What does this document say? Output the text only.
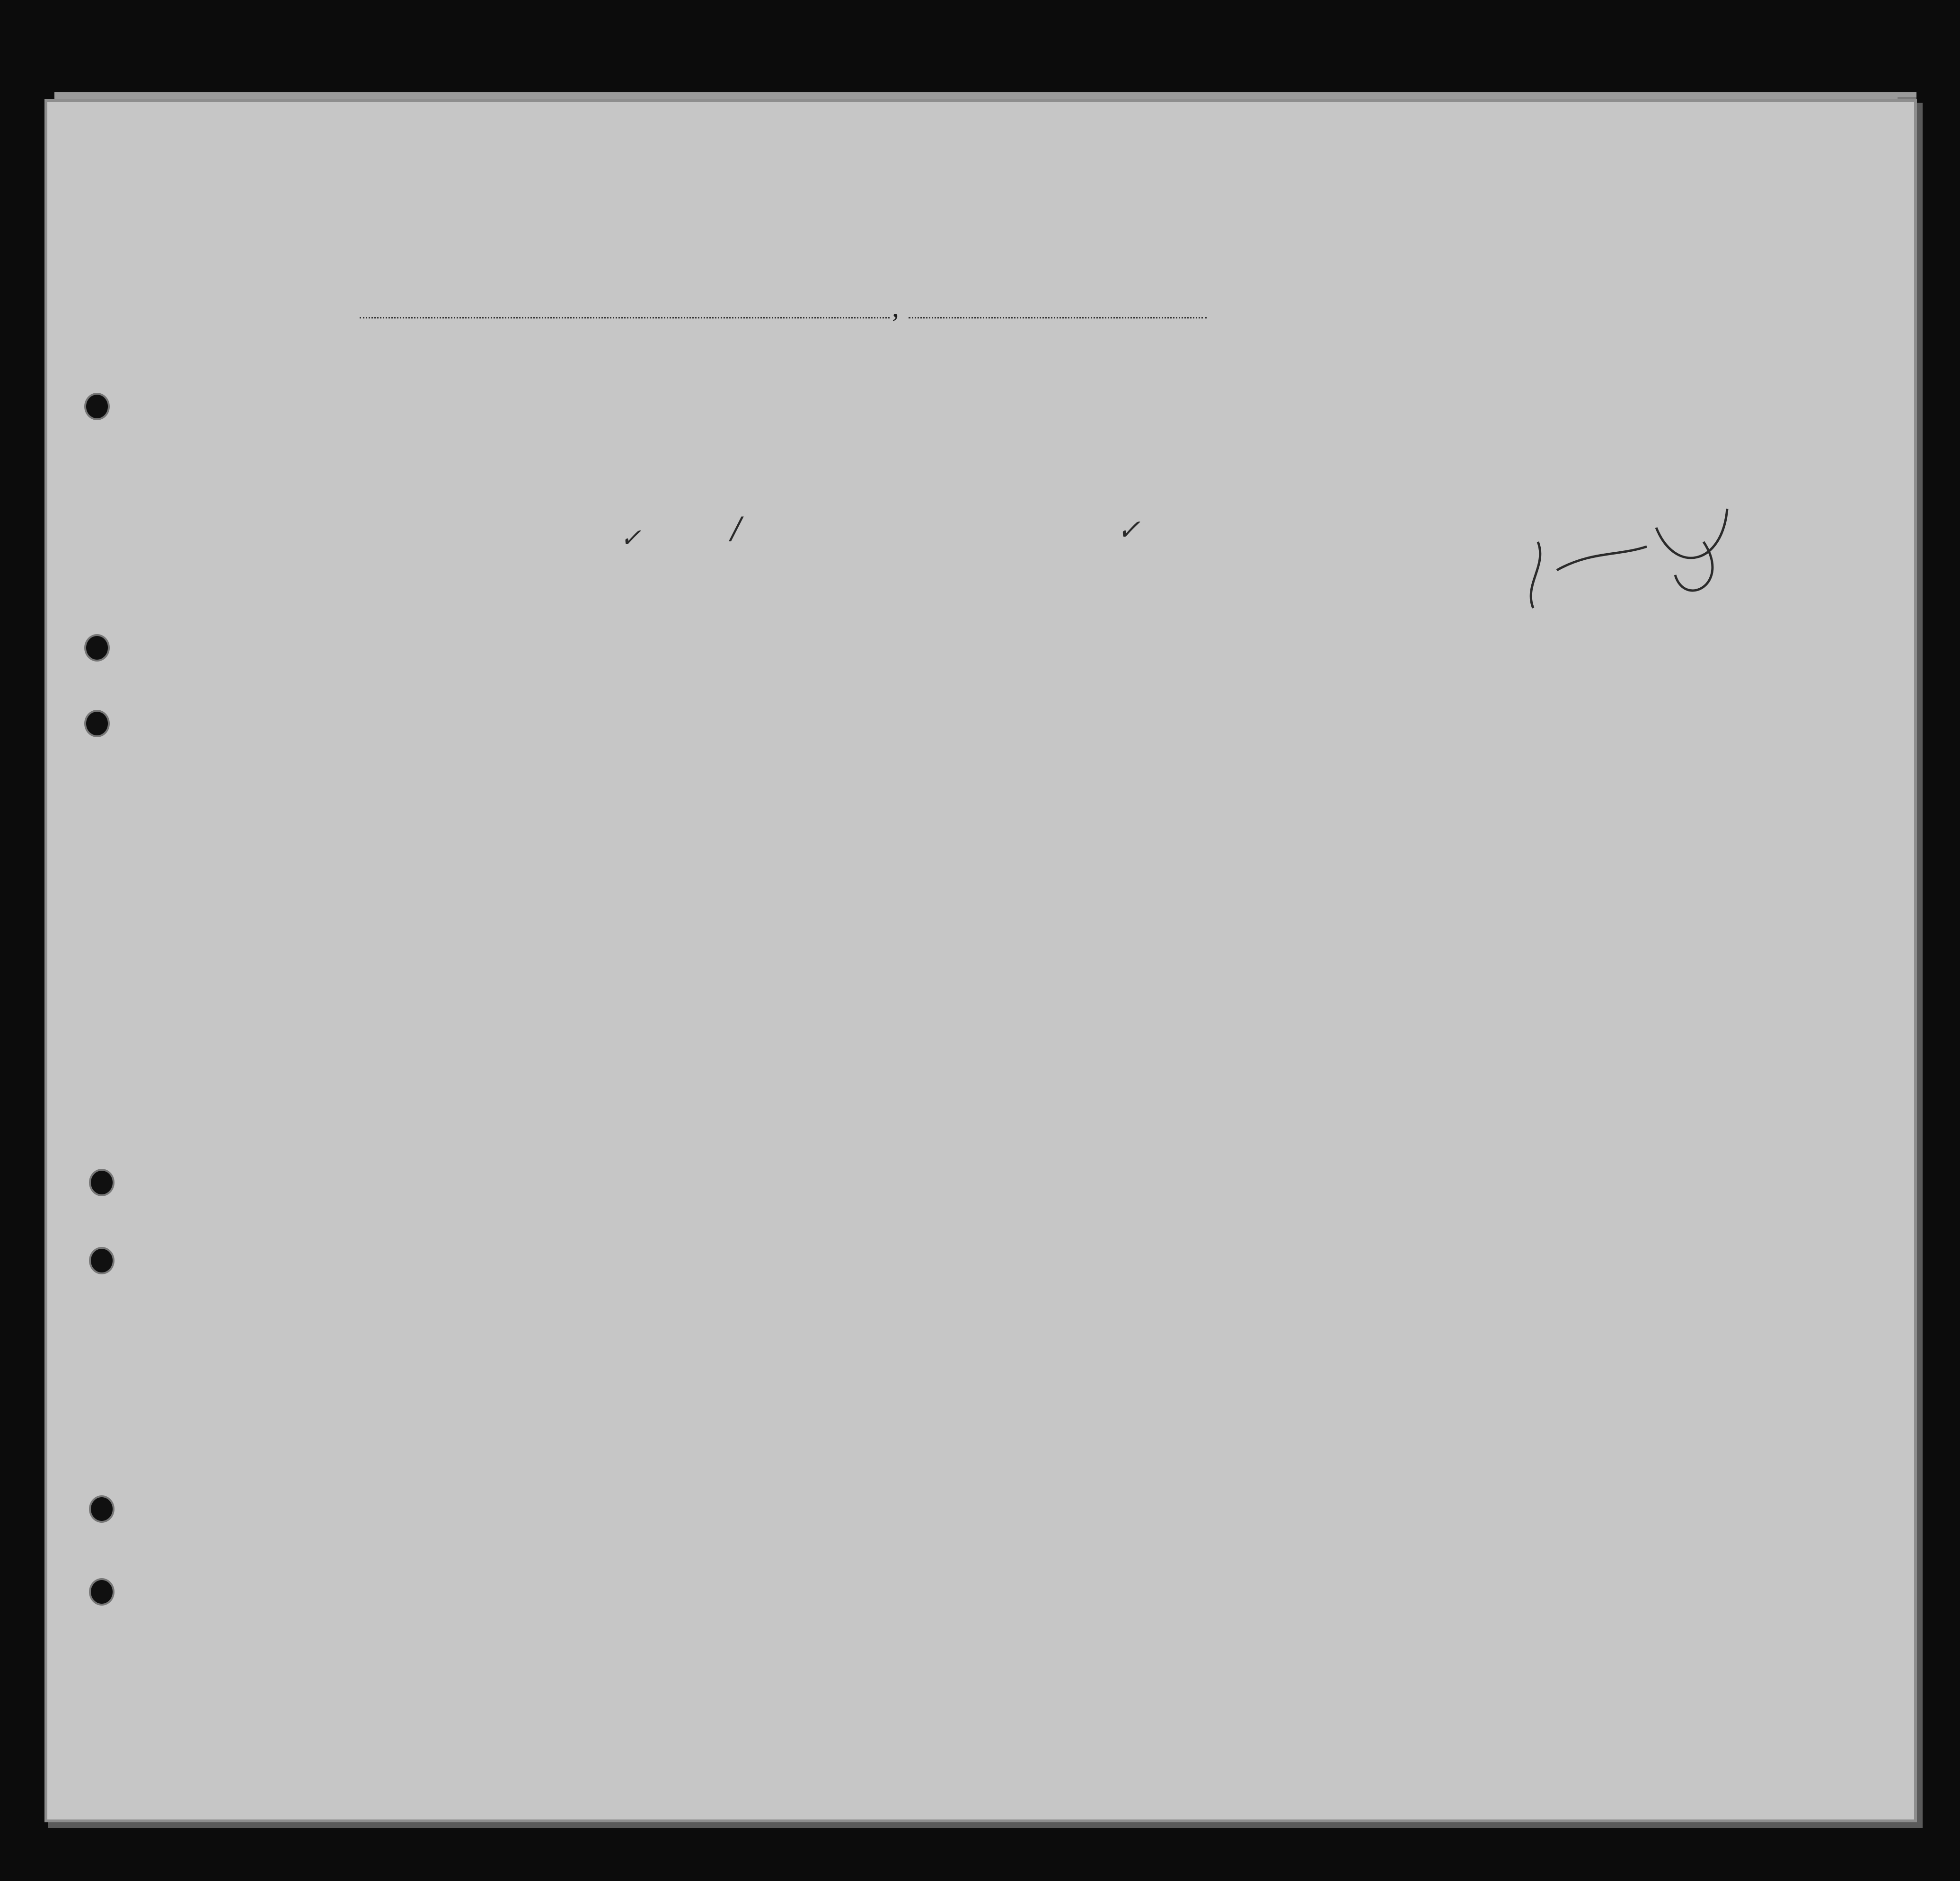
,
✓	/	✓
